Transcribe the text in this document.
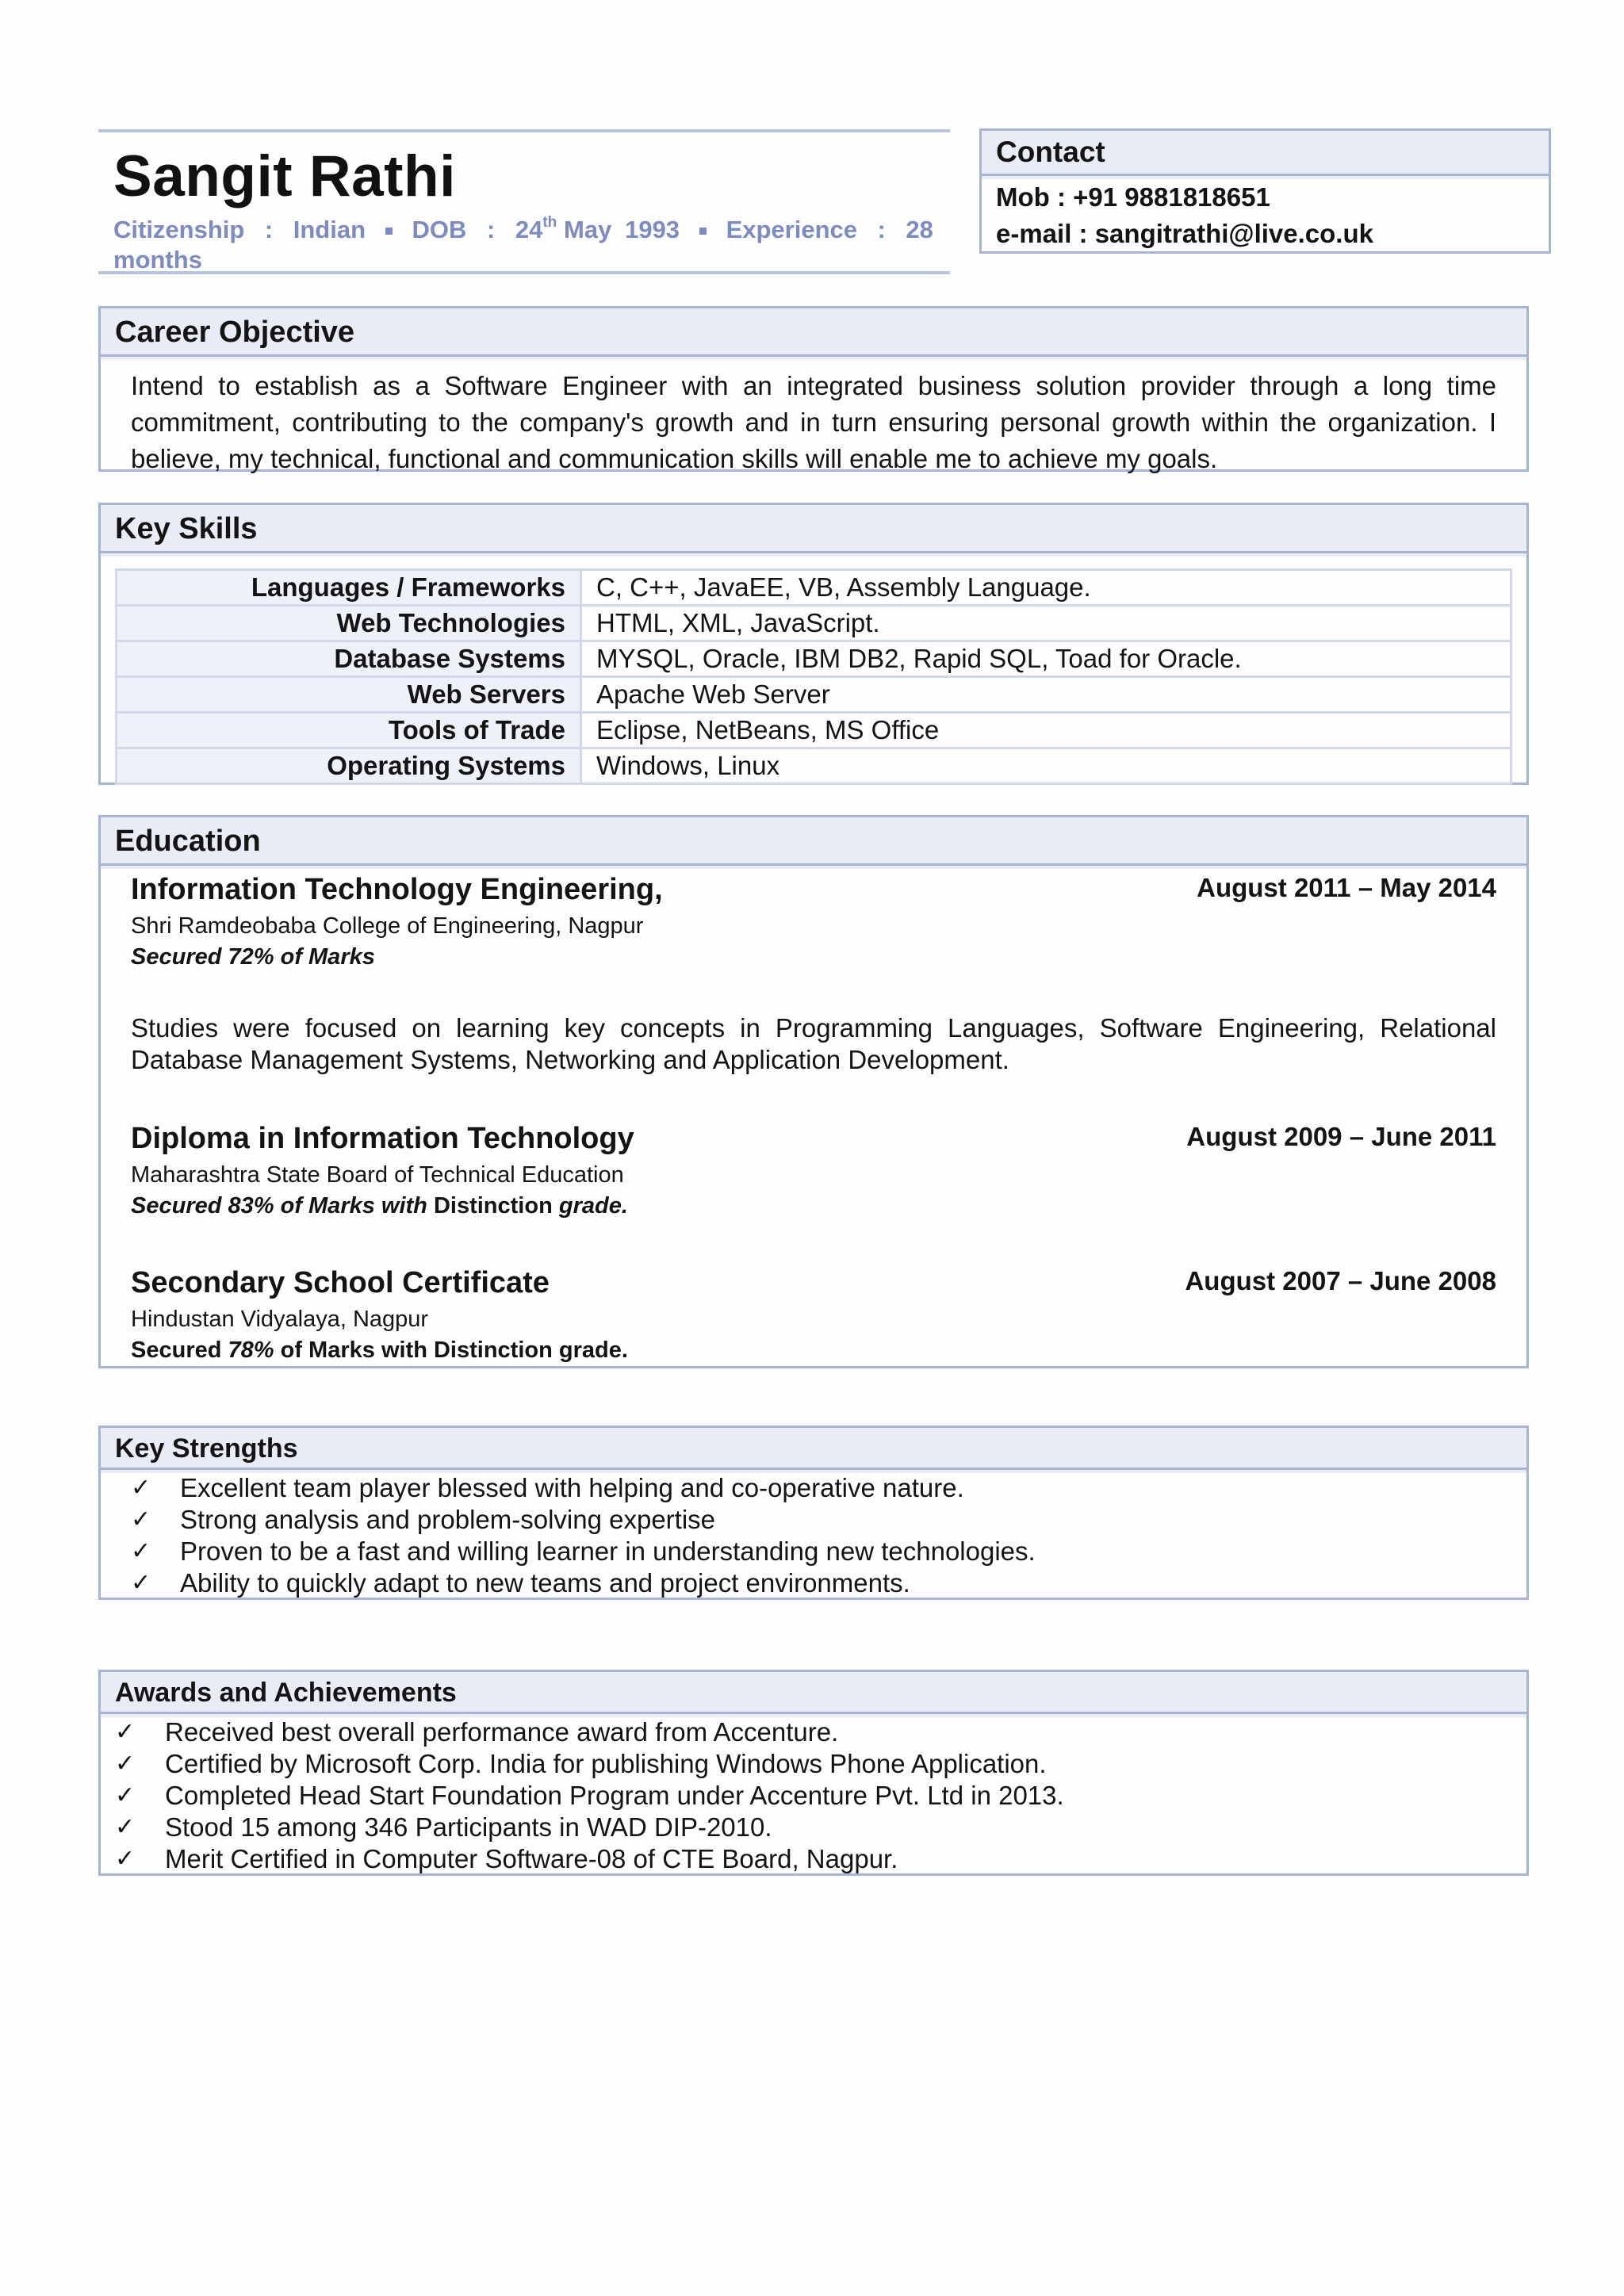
Sangit Rathi
Citizenship  :  Indian DOB  :  24th May 1993 Experience  :  28 months
Contact
Mob : +91 9881818651
e-mail : sangitrathi@live.co.uk
Career Objective
Intend to establish as a Software Engineer with an integrated business solution provider through a long time commitment, contributing to the company's growth and in turn ensuring personal growth within the organization. I believe, my technical, functional and communication skills will enable me to achieve my goals.
Key Skills
Languages / Frameworks	C, C++, JavaEE, VB, Assembly Language.
Web Technologies	HTML, XML, JavaScript.
Database Systems	MYSQL, Oracle, IBM DB2, Rapid SQL, Toad for Oracle.
Web Servers	Apache Web Server
Tools of Trade	Eclipse, NetBeans, MS Office
Operating Systems	Windows, Linux
Education
Information Technology Engineering,	August 2011 – May 2014
Shri Ramdeobaba College of Engineering, Nagpur
Secured 72% of Marks
Studies were focused on learning key concepts in Programming Languages, Software Engineering, Relational Database Management Systems, Networking and Application Development.
Diploma in Information Technology	August 2009 – June 2011
Maharashtra State Board of Technical Education
Secured 83% of Marks with Distinction grade.
Secondary School Certificate	August 2007 – June 2008
Hindustan Vidyalaya, Nagpur
Secured 78% of Marks with Distinction grade.
Key Strengths
✓ Excellent team player blessed with helping and co-operative nature.
✓ Strong analysis and problem-solving expertise
✓ Proven to be a fast and willing learner in understanding new technologies.
✓ Ability to quickly adapt to new teams and project environments.
Awards and Achievements
✓ Received best overall performance award from Accenture.
✓ Certified by Microsoft Corp. India for publishing Windows Phone Application.
✓ Completed Head Start Foundation Program under Accenture Pvt. Ltd in 2013.
✓ Stood 15 among 346 Participants in WAD DIP-2010.
✓ Merit Certified in Computer Software-08 of CTE Board, Nagpur.
